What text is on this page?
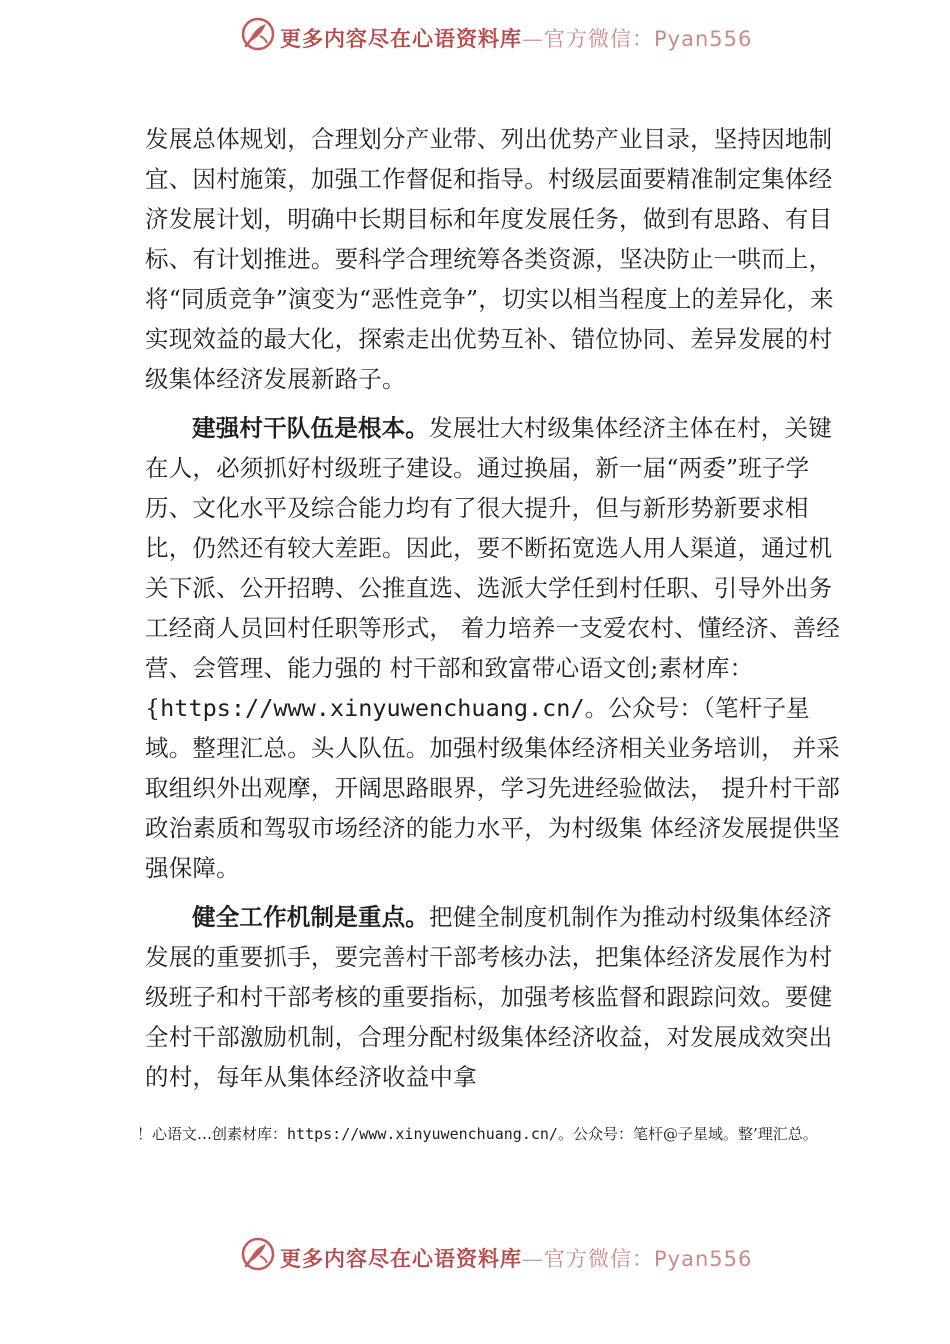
更多内容尽在心语资料库—官方微信：Pyan556

发展总体规划，合理划分产业带、列出优势产业目录，坚持因地制宜、因村施策，加强工作督促和指导。村级层面要精准制定集体经济发展计划，明确中长期目标和年度发展任务，做到有思路、有目标、有计划推进。要科学合理统筹各类资源，坚决防止一哄而上，将“同质竞争”演变为“恶性竞争”，切实以相当程度上的差异化，来实现效益的最大化，探索走出优势互补、错位协同、差异发展的村级集体经济发展新路子。

建强村干队伍是根本。发展壮大村级集体经济主体在村，关键在人，必须抓好村级班子建设。通过换届，新一届“两委”班子学历、文化水平及综合能力均有了很大提升，但与新形势新要求相比，仍然还有较大差距。因此，要不断拓宽选人用人渠道，通过机关下派、公开招聘、公推直选、选派大学任到村任职、引导外出务工经商人员回村任职等形式， 着力培养一支爱农村、懂经济、善经营、会管理、能力强的 村干部和致富带心语文创;素材库：{https://www.xinyuwenchuang.cn/。公众号：（笔杆子星域。整理汇总。头人队伍。加强村级集体经济相关业务培训， 并采取组织外出观摩，开阔思路眼界，学习先进经验做法， 提升村干部政治素质和驾驭市场经济的能力水平，为村级集 体经济发展提供坚强保障。

健全工作机制是重点。把健全制度机制作为推动村级集体经济发展的重要抓手，要完善村干部考核办法，把集体经济发展作为村级班子和村干部考核的重要指标，加强考核监督和跟踪问效。要健全村干部激励机制，合理分配村级集体经济收益，对发展成效突出的村，每年从集体经济收益中拿

！心语文…创素材库：https://www.xinyuwenchuang.cn/。公众号：笔杆@子星域。整’理汇总。
更多内容尽在心语资料库—官方微信：Pyan556
